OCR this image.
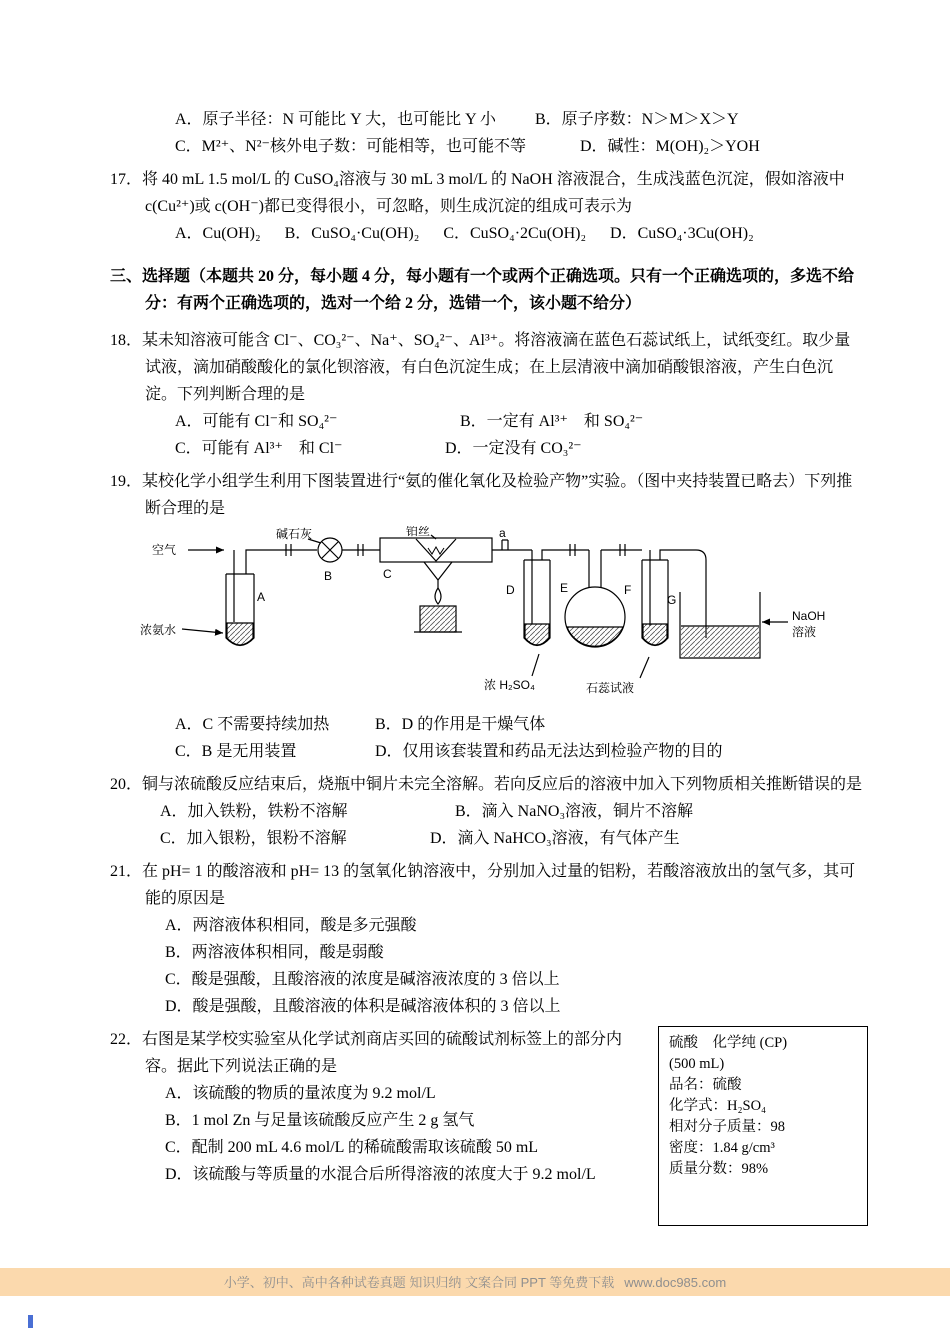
A．原子半径：N 可能比 Y 大，也可能比 Y 小	B．原子序数：N＞M＞X＞Y
C．M²⁺、N²⁻核外电子数：可能相等，也可能不等	D．碱性：M(OH)₂＞YOH
17．将 40 mL 1.5 mol/L 的 CuSO₄溶液与 30 mL 3 mol/L 的 NaOH 溶液混合，生成浅蓝色沉淀，假如溶液中 c(Cu²⁺)或 c(OH⁻)都已变得很小，可忽略，则生成沉淀的组成可表示为
A．Cu(OH)₂ B．CuSO₄·Cu(OH)₂ C．CuSO₄·2Cu(OH)₂ D．CuSO₄·3Cu(OH)₂
三、选择题（本题共 20 分，每小题 4 分，每小题有一个或两个正确选项。只有一个正确选项的，多选不给分：有两个正确选项的，选对一个给 2 分，选错一个，该小题不给分）
18．某未知溶液可能含 Cl⁻、CO₃²⁻、Na⁺、SO₄²⁻、Al³⁺。将溶液滴在蓝色石蕊试纸上，试纸变红。取少量试液，滴加硝酸酸化的氯化钡溶液，有白色沉淀生成；在上层清液中滴加硝酸银溶液，产生白色沉淀。下列判断合理的是
A．可能有 Cl⁻和 SO₄²⁻	B．一定有 Al³⁺　和 SO₄²⁻
C．可能有 Al³⁺　和 Cl⁻	D．一定没有 CO₃²⁻
19．某校化学小组学生利用下图装置进行“氨的催化氧化及检验产物”实验。（图中夹持装置已略去）下列推断合理的是
空气
碱石灰	铂丝	a
A
B	C
D	E	F
G
浓氨水
浓 H₂SO₄	石蕊试液
NaOH
溶液
A．C 不需要持续加热	B．D 的作用是干燥气体
C．B 是无用装置	D．仅用该套装置和药品无法达到检验产物的目的
20．铜与浓硫酸反应结束后，烧瓶中铜片未完全溶解。若向反应后的溶液中加入下列物质相关推断错误的是
A．加入铁粉，铁粉不溶解	B．滴入 NaNO₃溶液，铜片不溶解
C．加入银粉，银粉不溶解	D．滴入 NaHCO₃溶液，有气体产生
21．在 pH= 1 的酸溶液和 pH= 13 的氢氧化钠溶液中，分别加入过量的铝粉，若酸溶液放出的氢气多，其可能的原因是
A．两溶液体积相同，酸是多元强酸
B．两溶液体积相同，酸是弱酸
C．酸是强酸，且酸溶液的浓度是碱溶液浓度的 3 倍以上
D．酸是强酸，且酸溶液的体积是碱溶液体积的 3 倍以上
硫酸　化学纯 (CP)
(500 mL)
品名：硫酸
化学式：H₂SO₄
相对分子质量：98
密度：1.84 g/cm³
质量分数：98%
22．右图是某学校实验室从化学试剂商店买回的硫酸试剂标签上的部分内容。据此下列说法正确的是
A．该硫酸的物质的量浓度为 9.2 mol/L
B．1 mol Zn 与足量该硫酸反应产生 2 g 氢气
C．配制 200 mL 4.6 mol/L 的稀硫酸需取该硫酸 50 mL
D．该硫酸与等质量的水混合后所得溶液的浓度大于 9.2 mol/L
小学、初中、高中各种试卷真题 知识归纳 文案合同 PPT 等免费下载 www.doc985.com
